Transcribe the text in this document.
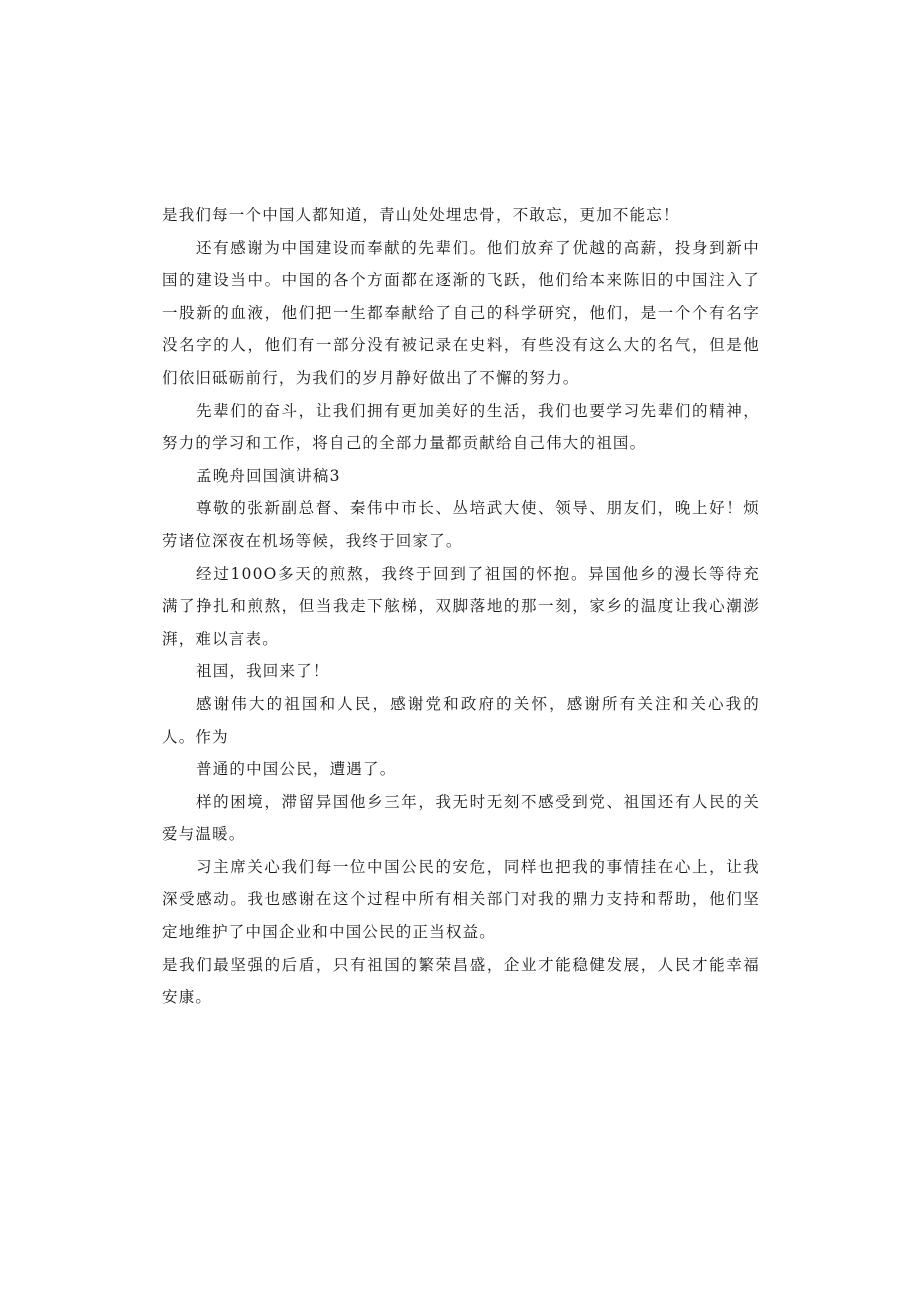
是我们每一个中国人都知道，青山处处埋忠骨，不敢忘，更加不能忘！

还有感谢为中国建设而奉献的先辈们。他们放弃了优越的高薪，投身到新中国的建设当中。中国的各个方面都在逐渐的飞跃，他们给本来陈旧的中国注入了一股新的血液，他们把一生都奉献给了自己的科学研究，他们，是一个个有名字没名字的人，他们有一部分没有被记录在史料，有些没有这么大的名气，但是他们依旧砥砺前行，为我们的岁月静好做出了不懈的努力。

先辈们的奋斗，让我们拥有更加美好的生活，我们也要学习先辈们的精神，努力的学习和工作，将自己的全部力量都贡献给自己伟大的祖国。

孟晚舟回国演讲稿3

尊敬的张新副总督、秦伟中市长、丛培武大使、领导、朋友们，晚上好！烦劳诸位深夜在机场等候，我终于回家了。

经过100O多天的煎熬，我终于回到了祖国的怀抱。异国他乡的漫长等待充满了挣扎和煎熬，但当我走下舷梯，双脚落地的那一刻，家乡的温度让我心潮澎湃，难以言表。

祖国，我回来了！

感谢伟大的祖国和人民，感谢党和政府的关怀，感谢所有关注和关心我的人。作为

普通的中国公民，遭遇了。

样的困境，滞留异国他乡三年，我无时无刻不感受到党、祖国还有人民的关爱与温暖。

习主席关心我们每一位中国公民的安危，同样也把我的事情挂在心上，让我深受感动。我也感谢在这个过程中所有相关部门对我的鼎力支持和帮助，他们坚定地维护了中国企业和中国公民的正当权益。

是我们最坚强的后盾，只有祖国的繁荣昌盛，企业才能稳健发展，人民才能幸福安康。
